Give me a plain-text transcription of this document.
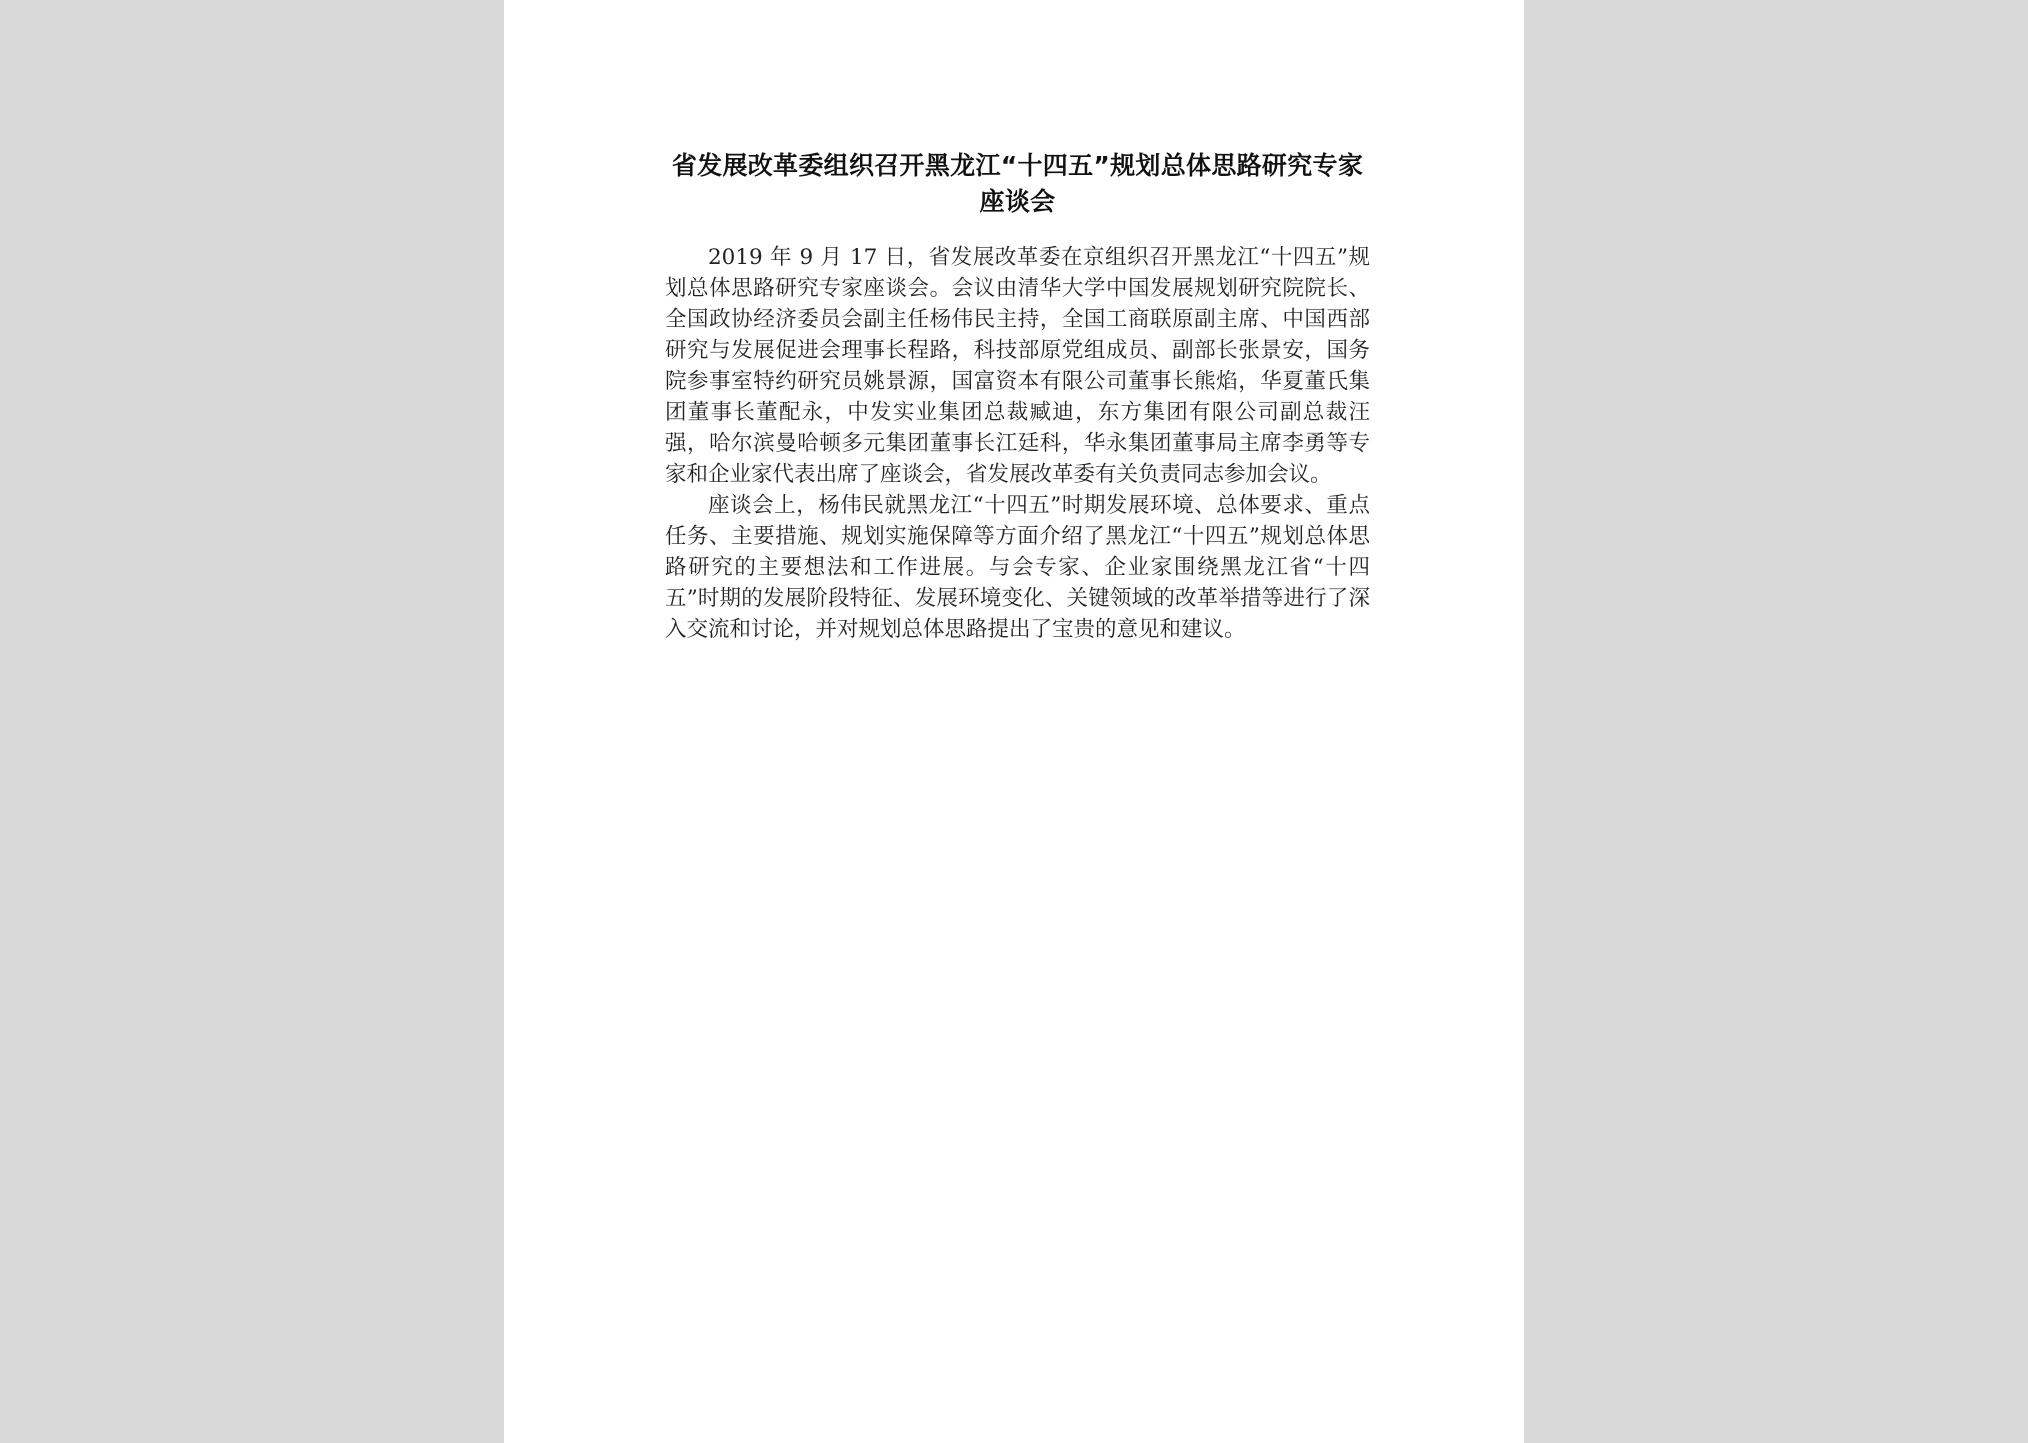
省发展改革委组织召开黑龙江“十四五”规划总体思路研究专家座谈会

2019 年 9 月 17 日，省发展改革委在京组织召开黑龙江“十四五”规划总体思路研究专家座谈会。会议由清华大学中国发展规划研究院院长、全国政协经济委员会副主任杨伟民主持，全国工商联原副主席、中国西部研究与发展促进会理事长程路，科技部原党组成员、副部长张景安，国务院参事室特约研究员姚景源，国富资本有限公司董事长熊焰，华夏董氏集团董事长董配永，中发实业集团总裁臧迪，东方集团有限公司副总裁汪强，哈尔滨曼哈顿多元集团董事长江廷科，华永集团董事局主席李勇等专家和企业家代表出席了座谈会，省发展改革委有关负责同志参加会议。

座谈会上，杨伟民就黑龙江“十四五”时期发展环境、总体要求、重点任务、主要措施、规划实施保障等方面介绍了黑龙江“十四五”规划总体思路研究的主要想法和工作进展。与会专家、企业家围绕黑龙江省“十四五”时期的发展阶段特征、发展环境变化、关键领域的改革举措等进行了深入交流和讨论，并对规划总体思路提出了宝贵的意见和建议。
